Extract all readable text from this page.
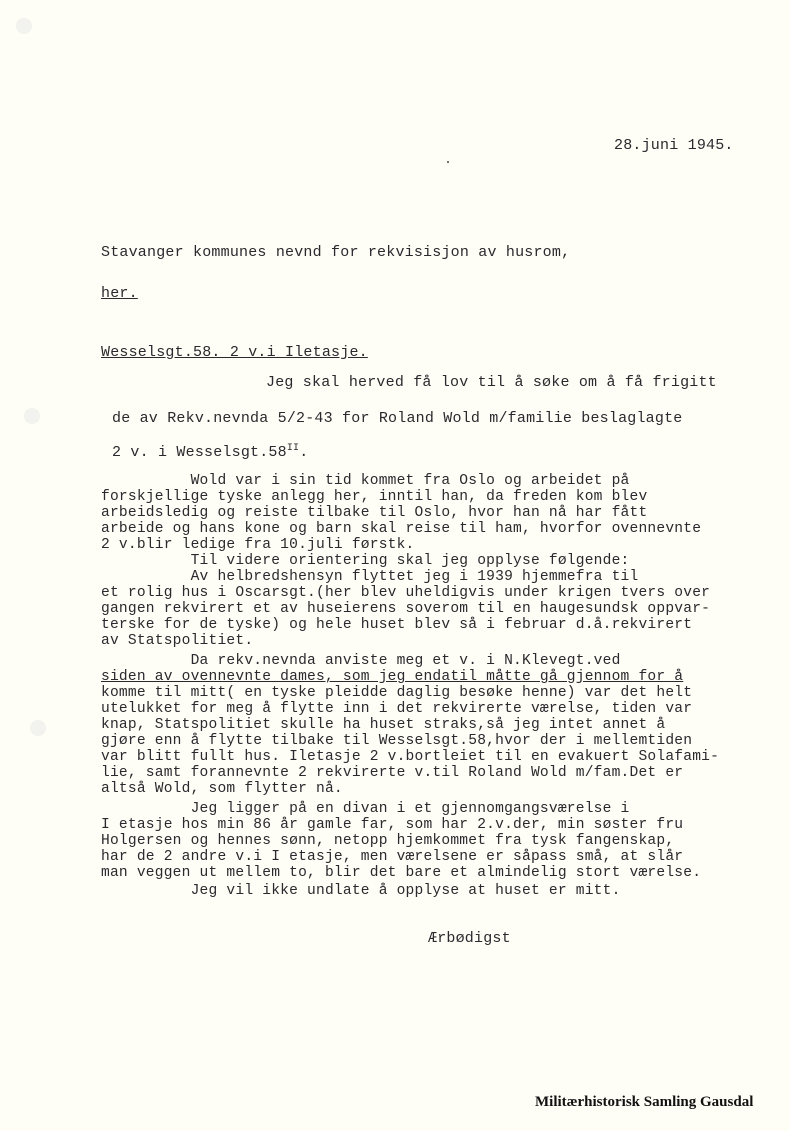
28.juni 1945.
Stavanger kommunes nevnd for rekvisisjon av husrom,
her.
Wesselsgt.58. 2 v.i Iletasje.
Jeg skal herved få lov til å søke om å få frigitt
de av Rekv.nevnda 5/2-43 for Roland Wold m/familie beslaglagte
2 v. i $Wesselsgt.58^{II}$.
Wold var i sin tid kommet fra Oslo og arbeidet på
forskjellige tyske anlegg her, inntil han, da freden kom blev
arbeidsledig og reiste tilbake til Oslo, hvor han nå har fått
arbeide og hans kone og barn skal reise til ham, hvorfor ovennevnte
2 v.blir ledige fra 10.juli førstk.
Til videre orientering skal jeg opplyse følgende:
Av helbredshensyn flyttet jeg i 1939 hjemmefra til
et rolig hus i Oscarsgt.(her blev uheldigvis under krigen tvers over
gangen rekvirert et av huseierens soverom til en haugesundsk oppvar-
terske for de tyske) og hele huset blev så i februar d.å.rekvirert
av Statspolitiet.
Da rekv.nevnda anviste meg et v. i N.Klevegt.ved
siden av ovennevnte dames, som jeg endatil måtte gå gjennom for å
komme til mitt( en tyske pleidde daglig besøke henne) var det helt
utelukket for meg å flytte inn i det rekvirerte værelse, tiden var
knap, Statspolitiet skulle ha huset straks,så jeg intet annet å
gjøre enn å flytte tilbake til Wesselsgt.58,hvor der i mellemtiden
var blitt fullt hus. Iletasje 2 v.bortleiet til en evakuert Solafami-
lie, samt forannevnte 2 rekvirerte v.til Roland Wold m/fam.Det er
altså Wold, som flytter nå.
Jeg ligger på en divan i et gjennomgangsværelse i
I etasje hos min 86 år gamle far, som har 2.v.der, min søster fru
Holgersen og hennes sønn, netopp hjemkommet fra tysk fangenskap,
har de 2 andre v.i I etasje, men værelsene er såpass små, at slår
man veggen ut mellem to, blir det bare et almindelig stort værelse.
Jeg vil ikke undlate å opplyse at huset er mitt.
Ærbødigst
Militærhistorisk Samling Gausdal
